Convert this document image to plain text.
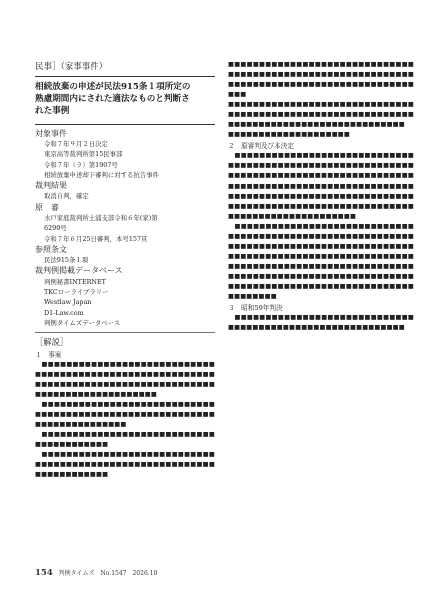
民事］（家事事件）
相続放棄の申述が民法915条１項所定の
熟慮期間内にされた適法なものと判断さ
れた事例
対象事件
令和７年９月２日決定
東京高等裁判所第15民事部
令和７年（ラ）第1907号
相続放棄申述却下審判に対する抗告事件
裁判結果
取消自判，確定
原　審
水戸家庭裁判所土浦支部令和６年(家)第
6290号
令和７年６月25日審判，本号157頁
参照条文
民法915条１項
裁判例掲載データベース
判例秘書INTERNET
TKCローライブラリー
Westlaw Japan
D1-Law.com
判例タイムズデータベース
［解説］
１　事案

　■■■■■■■■■■■■■■■■■■■■■■■■■■■■■■■■■■■■■■■■■■■■■■■■■■■■■■■■■■■■■■■■■■■■■■■■■■■■■■■■■■■■■■■■■■■■■■■■■■■■■■■■■■

　■■■■■■■■■■■■■■■■■■■■■■■■■■■■■■■■■■■■■■■■■■■■■■■■■■■■■■■■■■■■■■■■■■■■■■■■

　■■■■■■■■■■■■■■■■■■■■■■■■■■■■■■■■■■■■■■■■

　■■■■■■■■■■■■■■■■■■■■■■■■■■■■■■■■■■■■■■■■■■■■■■■■■■■■■■■■■■■■■■■■■■■■■

■■■■■■■■■■■■■■■■■■■■■■■■■■■■■■■■■■■■■■■■■■■■■■■■■■■■■■■■■■■■■■■■■■■■■■■■■■■■■■■■■■■■■■■■■■■■■

■■■■■■■■■■■■■■■■■■■■■■■■■■■■■■■■■■■■■■■■■■■■■■■■■■■■■■■■■■■■■■■■■■■■■■■■■■■■■■■■■■■■■■■■■

■■■■■■■■■■■■■■■■■■■■

２　原審判及び本決定

　■■■■■■■■■■■■■■■■■■■■■■■■■■■■■■■■■■■■■■■■■■■■■■■■■■■■■■■■■■■■■■■■■■■■■■■■■■■■■■■■■■■■■■■■■■■■■■■■■■■■■■■■■■■■■■■■■■■■■■■■■■■■■■■■■■■■■■■■■■■■■■■■■■■■■■■■■■■■■■■■■■■■■■■■■■■■■■■■■■■■■■■■■■■■■■■■■■■■■■■■

　■■■■■■■■■■■■■■■■■■■■■■■■■■■■■■■■■■■■■■■■■■■■■■■■■■■■■■■■■■■■■■■■■■■■■■■■■■■■■■■■■■■■■■■■■■■■■■■■■■■■■■■■■■■■■■■■■■■■■■■■■■■■■■■■■■■■■■■■■■■■■■■■■■■■■■■■■■■■■■■■■■■■■■■■■■■■■■■■■■■■■■■■■■■■■■■■■■■■■■■■■■■■■■■■■■■■■■■■■

３　昭和59年判決

　■■■■■■■■■■■■■■■■■■■■■■■■■■■■■■■■■■■■■■■■■■■■■■■■■■■■■■■■■■

154 判例タイムズ　No.1547　2026.10
